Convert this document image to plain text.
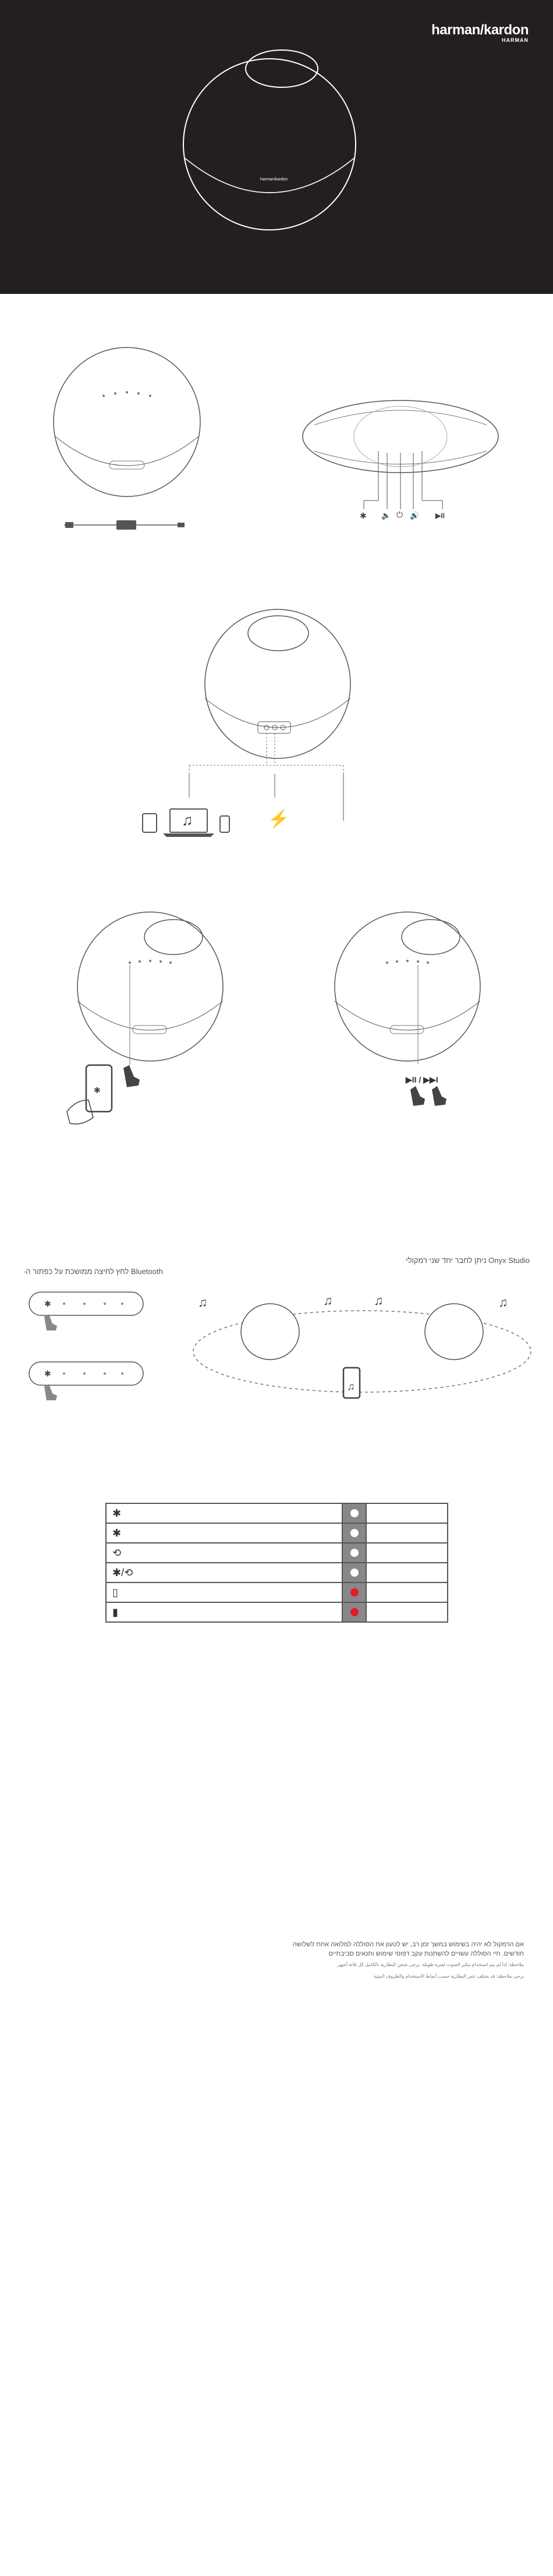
harman/kardon
harman/kardon
HARMAN
✱ 🔈 ⏻ 🔊 ▶II
♫	⚡
✱
▶II / ▶▶I
Onyx Studio ניתן לחבר יחד שני רמקולי
Bluetooth לחץ לחיצה ממושכת על כפתור ה-
✱
✱
♫	♫	♫	♫
♫
✱	

✱	

⟲	

✱/⟲	

▯	

▮	

אם הרמקול לא יהיה בשימוש במשך זמן רב, יש לטעון את הסוללה למלואה אחת לשלושה
חודשים. חיי הסוללה עשויים להשתנות עקב דפוסי שימוש ותנאים סביבתיים
ملاحظة: إذا لم يتم استخدام مكبر الصوت لفترة طويلة، يرجى شحن البطارية بالكامل كل ثلاثة أشهر
يرجى ملاحظة: قد يختلف عمر البطارية حسب أنماط الاستخدام والظروف البيئية
